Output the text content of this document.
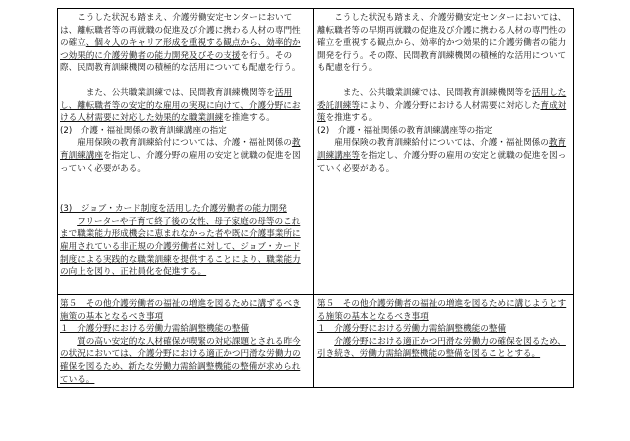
こうした状況も踏まえ、介護労働安定センターにおいては、離転職者等の再就職の促進及び介護に携わる人材の専門性の確立、個々人のキャリア形成を重視する観点から、効率的かつ効果的に介護労働者の能力開発及びその支援を行う。その際、民間教育訓練機関の積極的な活用についても配慮を行う。

また、公共職業訓練では、民間教育訓練機関等を活用し、離転職者等の安定的な雇用の実現に向けて、介護分野における人材需要に対応した効果的な職業訓練を推進する。

(2)　介護・福祉関係の教育訓練講座の指定

雇用保険の教育訓練給付については、介護・福祉関係の教育訓練講座を指定し、介護分野の雇用の安定と就職の促進を図っていく必要がある。

(3)　ジョブ・カード制度を活用した介護労働者の能力開発

フリーターや子育て終了後の女性、母子家庭の母等のこれまで職業能力形成機会に恵まれなかった者や既に介護事業所に雇用されている非正規の介護労働者に対して、ジョブ・カード制度による実践的な職業訓練を提供することにより、職業能力の向上を図り、正社員化を促進する。

こうした状況も踏まえ、介護労働安定センターにおいては、離転職者等の早期再就職の促進及び介護に携わる人材の専門性の確立を重視する観点から、効率的かつ効果的に介護労働者の能力開発を行う。その際、民間教育訓練機関の積極的な活用についても配慮を行う。

また、公共職業訓練では、民間教育訓練機関等を活用した委託訓練等により、介護分野における人材需要に対応した育成対策を推進する。

(2)　介護・福祉関係の教育訓練講座等の指定

雇用保険の教育訓練給付については、介護・福祉関係の教育訓練講座等を指定し、介護分野の雇用の安定と就職の促進を図っていく必要がある。

第５　その他介護労働者の福祉の増進を図るために講ずるべき施策の基本となるべき事項

１　介護分野における労働力需給調整機能の整備

質の高い安定的な人材確保が喫緊の対応課題とされる昨今の状況においては、介護分野における適正かつ円滑な労働力の確保を図るため、新たな労働力需給調整機能の整備が求められている。

第５　その他介護労働者の福祉の増進を図るために講じようとする施策の基本となるべき事項

１　介護分野における労働力需給調整機能の整備

介護分野における適正かつ円滑な労働力の確保を図るため、引き続き、労働力需給調整機能の整備を図ることとする。
